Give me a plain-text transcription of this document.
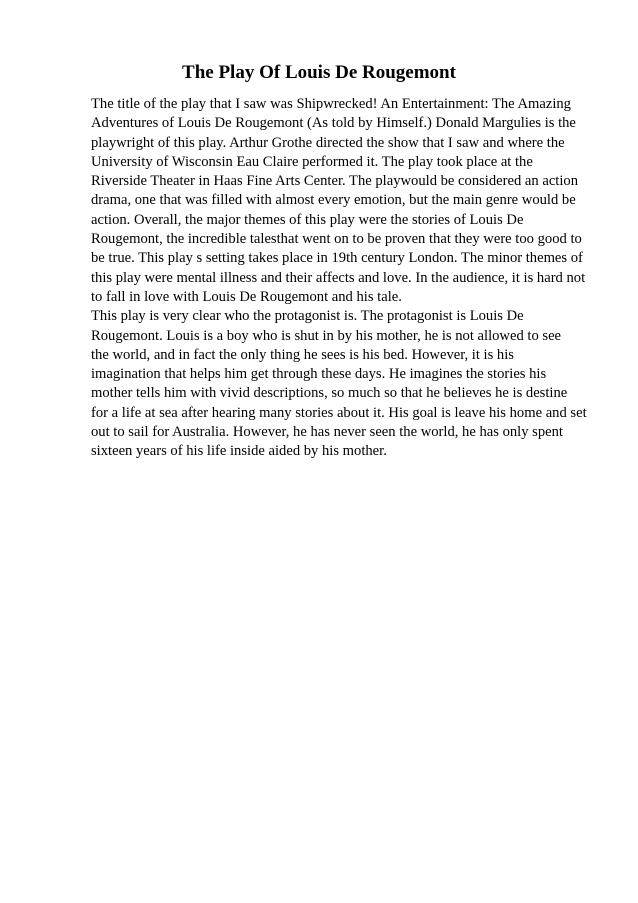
The Play Of Louis De Rougemont
The title of the play that I saw was Shipwrecked! An Entertainment: The Amazing
Adventures of Louis De Rougemont (As told by Himself.) Donald Margulies is the
playwright of this play. Arthur Grothe directed the show that I saw and where the
University of Wisconsin Eau Claire performed it. The play took place at the
Riverside Theater in Haas Fine Arts Center. The playwould be considered an action
drama, one that was filled with almost every emotion, but the main genre would be
action. Overall, the major themes of this play were the stories of Louis De
Rougemont, the incredible talesthat went on to be proven that they were too good to
be true. This play s setting takes place in 19th century London. The minor themes of
this play were mental illness and their affects and love. In the audience, it is hard not
to fall in love with Louis De Rougemont and his tale.
This play is very clear who the protagonist is. The protagonist is Louis De
Rougemont. Louis is a boy who is shut in by his mother, he is not allowed to see
the world, and in fact the only thing he sees is his bed. However, it is his
imagination that helps him get through these days. He imagines the stories his
mother tells him with vivid descriptions, so much so that he believes he is destine
for a life at sea after hearing many stories about it. His goal is leave his home and set
out to sail for Australia. However, he has never seen the world, he has only spent
sixteen years of his life inside aided by his mother.
